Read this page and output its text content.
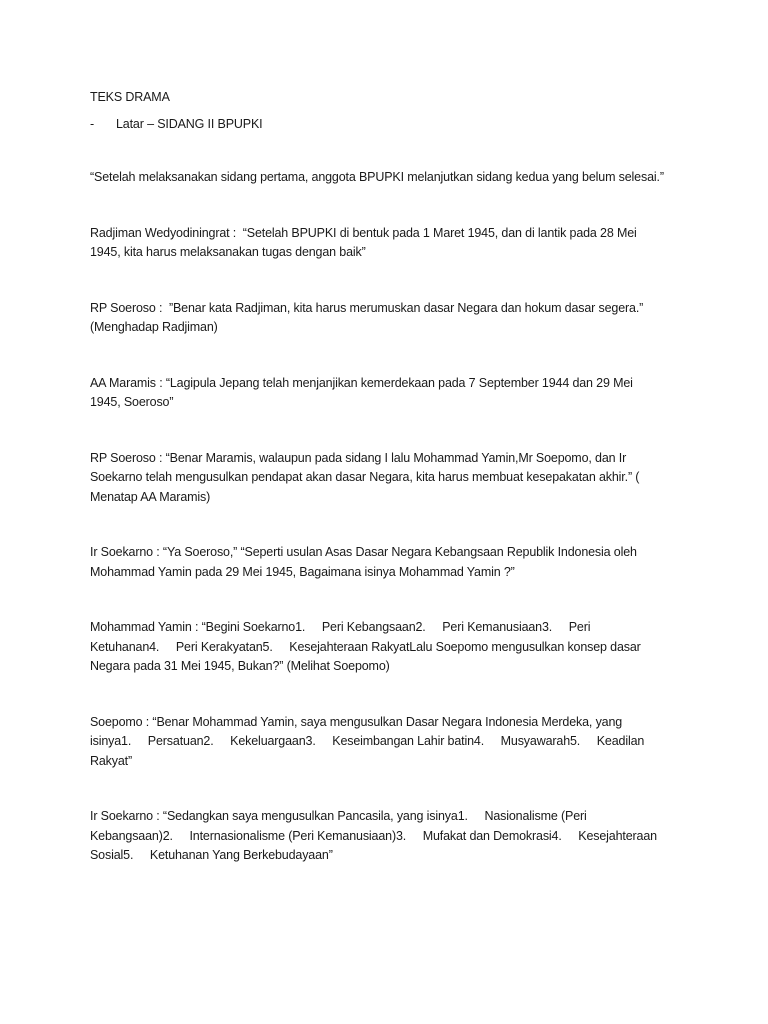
TEKS DRAMA
-	Latar – SIDANG II BPUPKI
“Setelah melaksanakan sidang pertama, anggota BPUPKI melanjutkan sidang kedua yang belum selesai.”
Radjiman Wedyodiningrat :  “Setelah BPUPKI di bentuk pada 1 Maret 1945, dan di lantik pada 28 Mei
1945, kita harus melaksanakan tugas dengan baik”
RP Soeroso :  ”Benar kata Radjiman, kita harus merumuskan dasar Negara dan hokum dasar segera.”
(Menghadap Radjiman)
AA Maramis : “Lagipula Jepang telah menjanjikan kemerdekaan pada 7 September 1944 dan 29 Mei
1945, Soeroso”
RP Soeroso : “Benar Maramis, walaupun pada sidang I lalu Mohammad Yamin,Mr Soepomo, dan Ir
Soekarno telah mengusulkan pendapat akan dasar Negara, kita harus membuat kesepakatan akhir.” (
Menatap AA Maramis)
Ir Soekarno : “Ya Soeroso,” “Seperti usulan Asas Dasar Negara Kebangsaan Republik Indonesia oleh
Mohammad Yamin pada 29 Mei 1945, Bagaimana isinya Mohammad Yamin ?”
Mohammad Yamin : “Begini Soekarno1.     Peri Kebangsaan2.     Peri Kemanusiaan3.     Peri
Ketuhanan4.     Peri Kerakyatan5.     Kesejahteraan RakyatLalu Soepomo mengusulkan konsep dasar
Negara pada 31 Mei 1945, Bukan?” (Melihat Soepomo)
Soepomo : “Benar Mohammad Yamin, saya mengusulkan Dasar Negara Indonesia Merdeka, yang
isinya1.     Persatuan2.     Kekeluargaan3.     Keseimbangan Lahir batin4.     Musyawarah5.     Keadilan
Rakyat”
Ir Soekarno : “Sedangkan saya mengusulkan Pancasila, yang isinya1.     Nasionalisme (Peri
Kebangsaan)2.     Internasionalisme (Peri Kemanusiaan)3.     Mufakat dan Demokrasi4.     Kesejahteraan
Sosial5.     Ketuhanan Yang Berkebudayaan”
